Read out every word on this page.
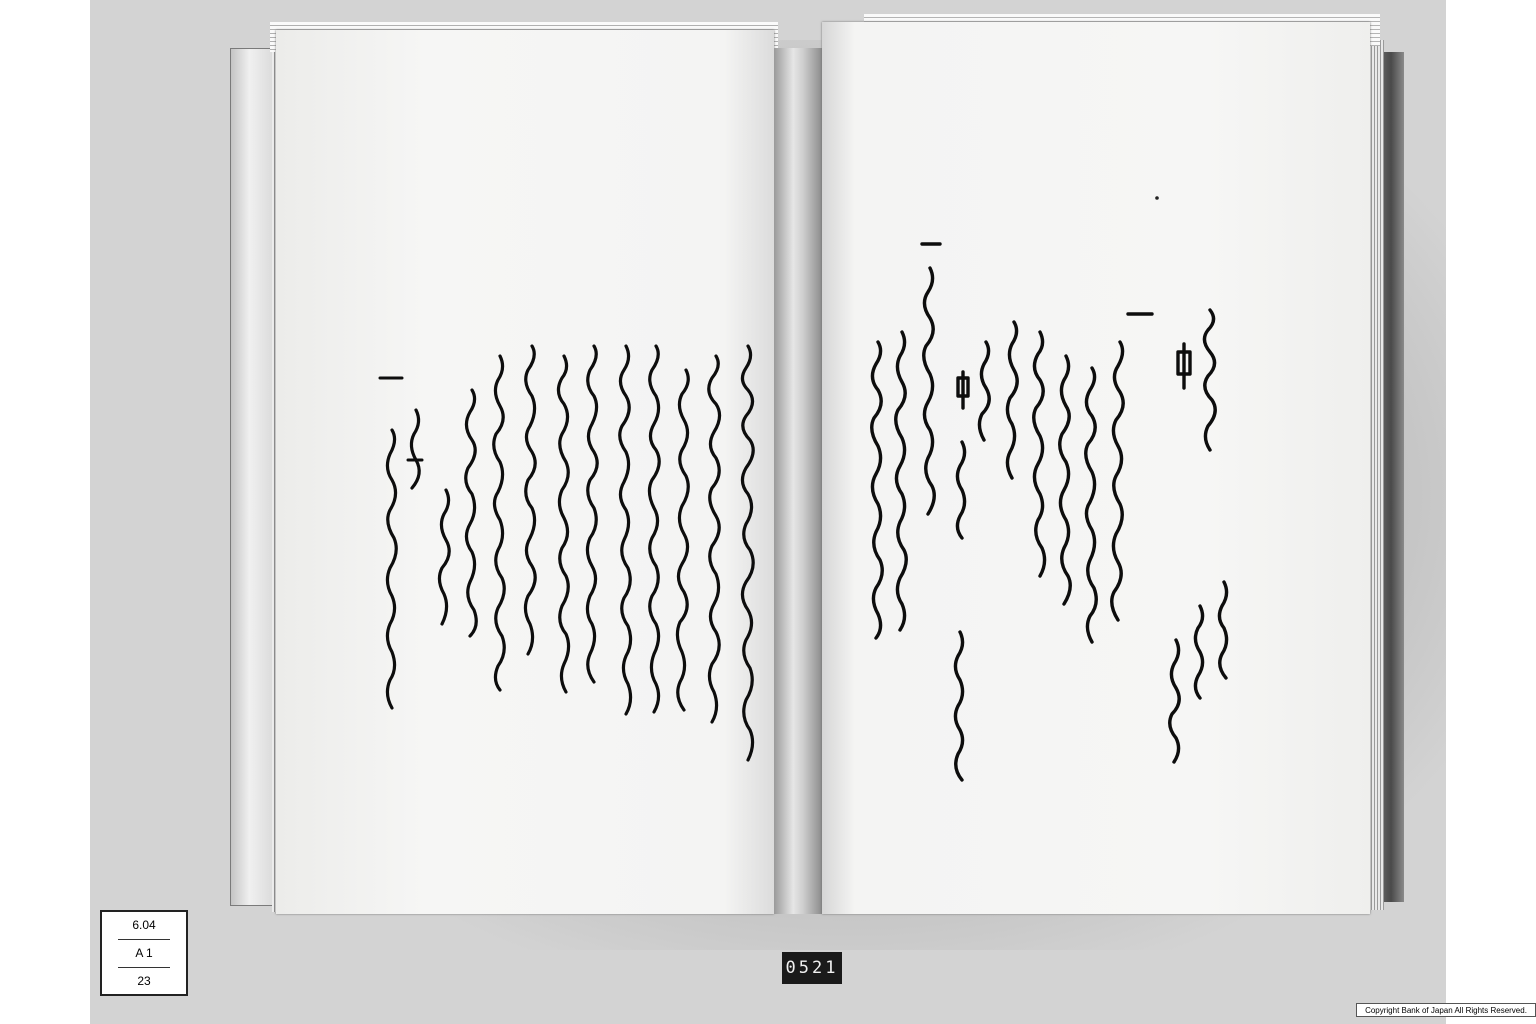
6.04
A 1
23
0521
Copyright Bank of Japan All Rights Reserved.
